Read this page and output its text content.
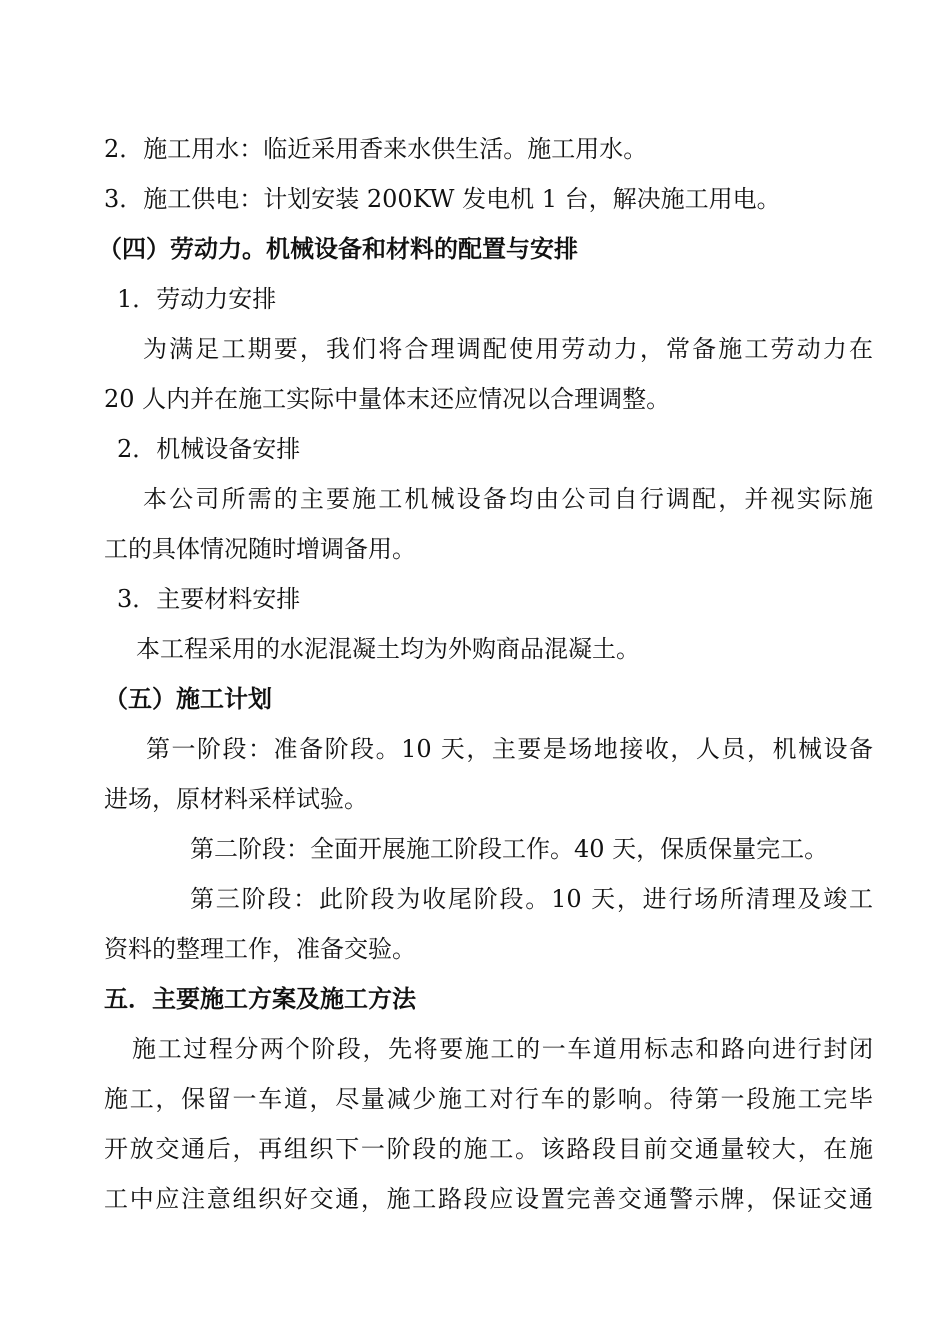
2．施工用水：临近采用香来水供生活。施工用水。
3．施工供电：计划安装 200KW 发电机 1 台，解决施工用电。
（四）劳动力。机械设备和材料的配置与安排
1．劳动力安排
为满足工期要，我们将合理调配使用劳动力，常备施工劳动力在
20 人内并在施工实际中量体末还应情况以合理调整。
2．机械设备安排
本公司所需的主要施工机械设备均由公司自行调配，并视实际施
工的具体情况随时增调备用。
3．主要材料安排
本工程采用的水泥混凝土均为外购商品混凝土。
（五）施工计划
第一阶段：准备阶段。10 天，主要是场地接收，人员，机械设备
进场，原材料采样试验。
第二阶段：全面开展施工阶段工作。40 天，保质保量完工。
第三阶段：此阶段为收尾阶段。10 天，进行场所清理及竣工
资料的整理工作，准备交验。
五．主要施工方案及施工方法
施工过程分两个阶段，先将要施工的一车道用标志和路向进行封闭
施工，保留一车道，尽量减少施工对行车的影响。待第一段施工完毕
开放交通后，再组织下一阶段的施工。该路段目前交通量较大，在施
工中应注意组织好交通，施工路段应设置完善交通警示牌，保证交通
